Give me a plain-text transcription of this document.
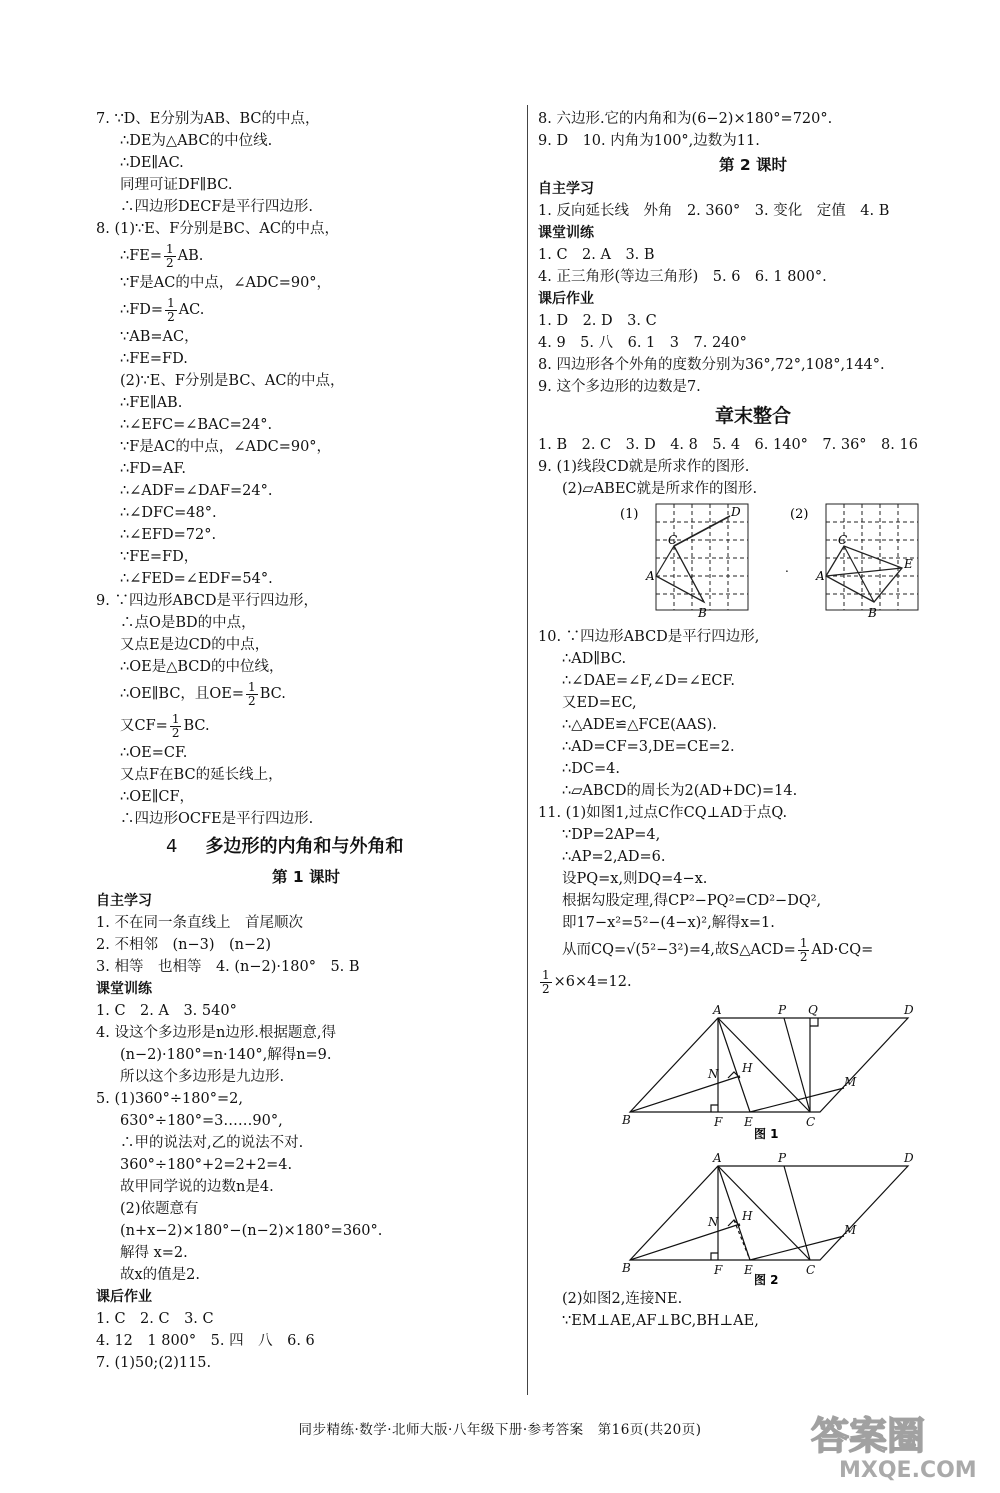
7. ∵D、E分别为AB、BC的中点，
∴DE为△ABC的中位线.
∴DE∥AC.
同理可证DF∥BC.
∴四边形DECF是平行四边形.
8. (1)∵E、F分别是BC、AC的中点，
∴FE= $\frac{1}{2}$ AB.
∵F是AC的中点，∠ADC=90°，
∴FD= $\frac{1}{2}$ AC.
∵AB=AC，
∴FE=FD.
(2)∵E、F分别是BC、AC的中点，
∴FE∥AB.
∴∠EFC=∠BAC=24°.
∵F是AC的中点，∠ADC=90°，
∴FD=AF.
∴∠ADF=∠DAF=24°.
∴∠DFC=48°.
∴∠EFD=72°.
∵FE=FD，
∴∠FED=∠EDF=54°.
9. ∵四边形ABCD是平行四边形，
∴点O是BD的中点，
又点E是边CD的中点，
∴OE是△BCD的中位线，
∴OE∥BC，且$OE= \frac{1}{2}$ BC.
又$CF= \frac{1}{2}$ BC.
∴OE=CF.
又点F在BC的延长线上，
∴OE∥CF，
∴四边形OCFE是平行四边形.
4 多边形的内角和与外角和
第 1 课时
自主学习
1. 不在同一条直线上　首尾顺次
2. 不相邻　(n−3)　(n−2)
3. 相等　也相等　4. (n−2)·180°　5. B
课堂训练
1. C　2. A　3. 540°
4. 设这个多边形是n边形.根据题意,得
(n−2)·180°=n·140°,解得n=9.
所以这个多边形是九边形.
5. (1)360°÷180°=2,
630°÷180°=3……90°,
∴甲的说法对,乙的说法不对.
360°÷180°+2=2+2=4.
故甲同学说的边数n是4.
(2)依题意有
(n+x−2)×180°−(n−2)×180°=360°.
解得 x=2.
故x的值是2.
课后作业
1. C　2. C　3. C
4. 12　1 800°　5. 四　八　6. 6
7. (1)50;(2)115.
8. 六边形.它的内角和为(6−2)×180°=720°.
9. D　10. 内角为100°,边数为11.
第 2 课时
自主学习
1. 反向延长线　外角　2. 360°　3. 变化　定值　4. B
课堂训练
1. C　2. A　3. B
4. 正三角形(等边三角形)　5. 6　6. 1 800°.
课后作业
1. D　2. D　3. C
4. 9　5. 八　6. 1　3　7. 240°
8. 四边形各个外角的度数分别为36°,72°,108°,144°.
9. 这个多边形的边数是7.
章末整合
1. B　2. C　3. D　4. 8　5. 4　6. 140°　7. 36°　8. 16
9. (1)线段CD就是所求作的图形.
(2)▱ABEC就是所求作的图形.
(1)	(2)
D
C
A
B
C
E
A
B
.
10. ∵四边形ABCD是平行四边形,
∴AD∥BC.
∴∠DAE=∠F,∠D=∠ECF.
又ED=EC,
∴△ADE≌△FCE(AAS).
∴AD=CF=3,DE=CE=2.
∴DC=4.
∴▱ABCD的周长为2(AD+DC)=14.
11. (1)如图1,过点C作CQ⊥AD于点Q.
∵DP=2AP=4,
∴AP=2,AD=6.
设PQ=x,则DQ=4−x.
根据勾股定理,得CP²−PQ²=CD²−DQ²,
即17−x²=5²−(4−x)²,解得x=1.
从而CQ=√(5²−3²)=4,故S△ACD= $\frac{1}{2} AD\cdot CQ=$
$\frac{1}{2} \times 6\times 4=12$.
A	P Q	D
B	F E	C
H
N
M
图 1
A	P	D
B	F E	C
H
N
M
图 2
(2)如图2,连接NE.
∵EM⊥AE,AF⊥BC,BH⊥AE,
同步精练·数学·北师大版·八年级下册·参考答案　第16页(共20页)	答案圈
MXQE.COM
